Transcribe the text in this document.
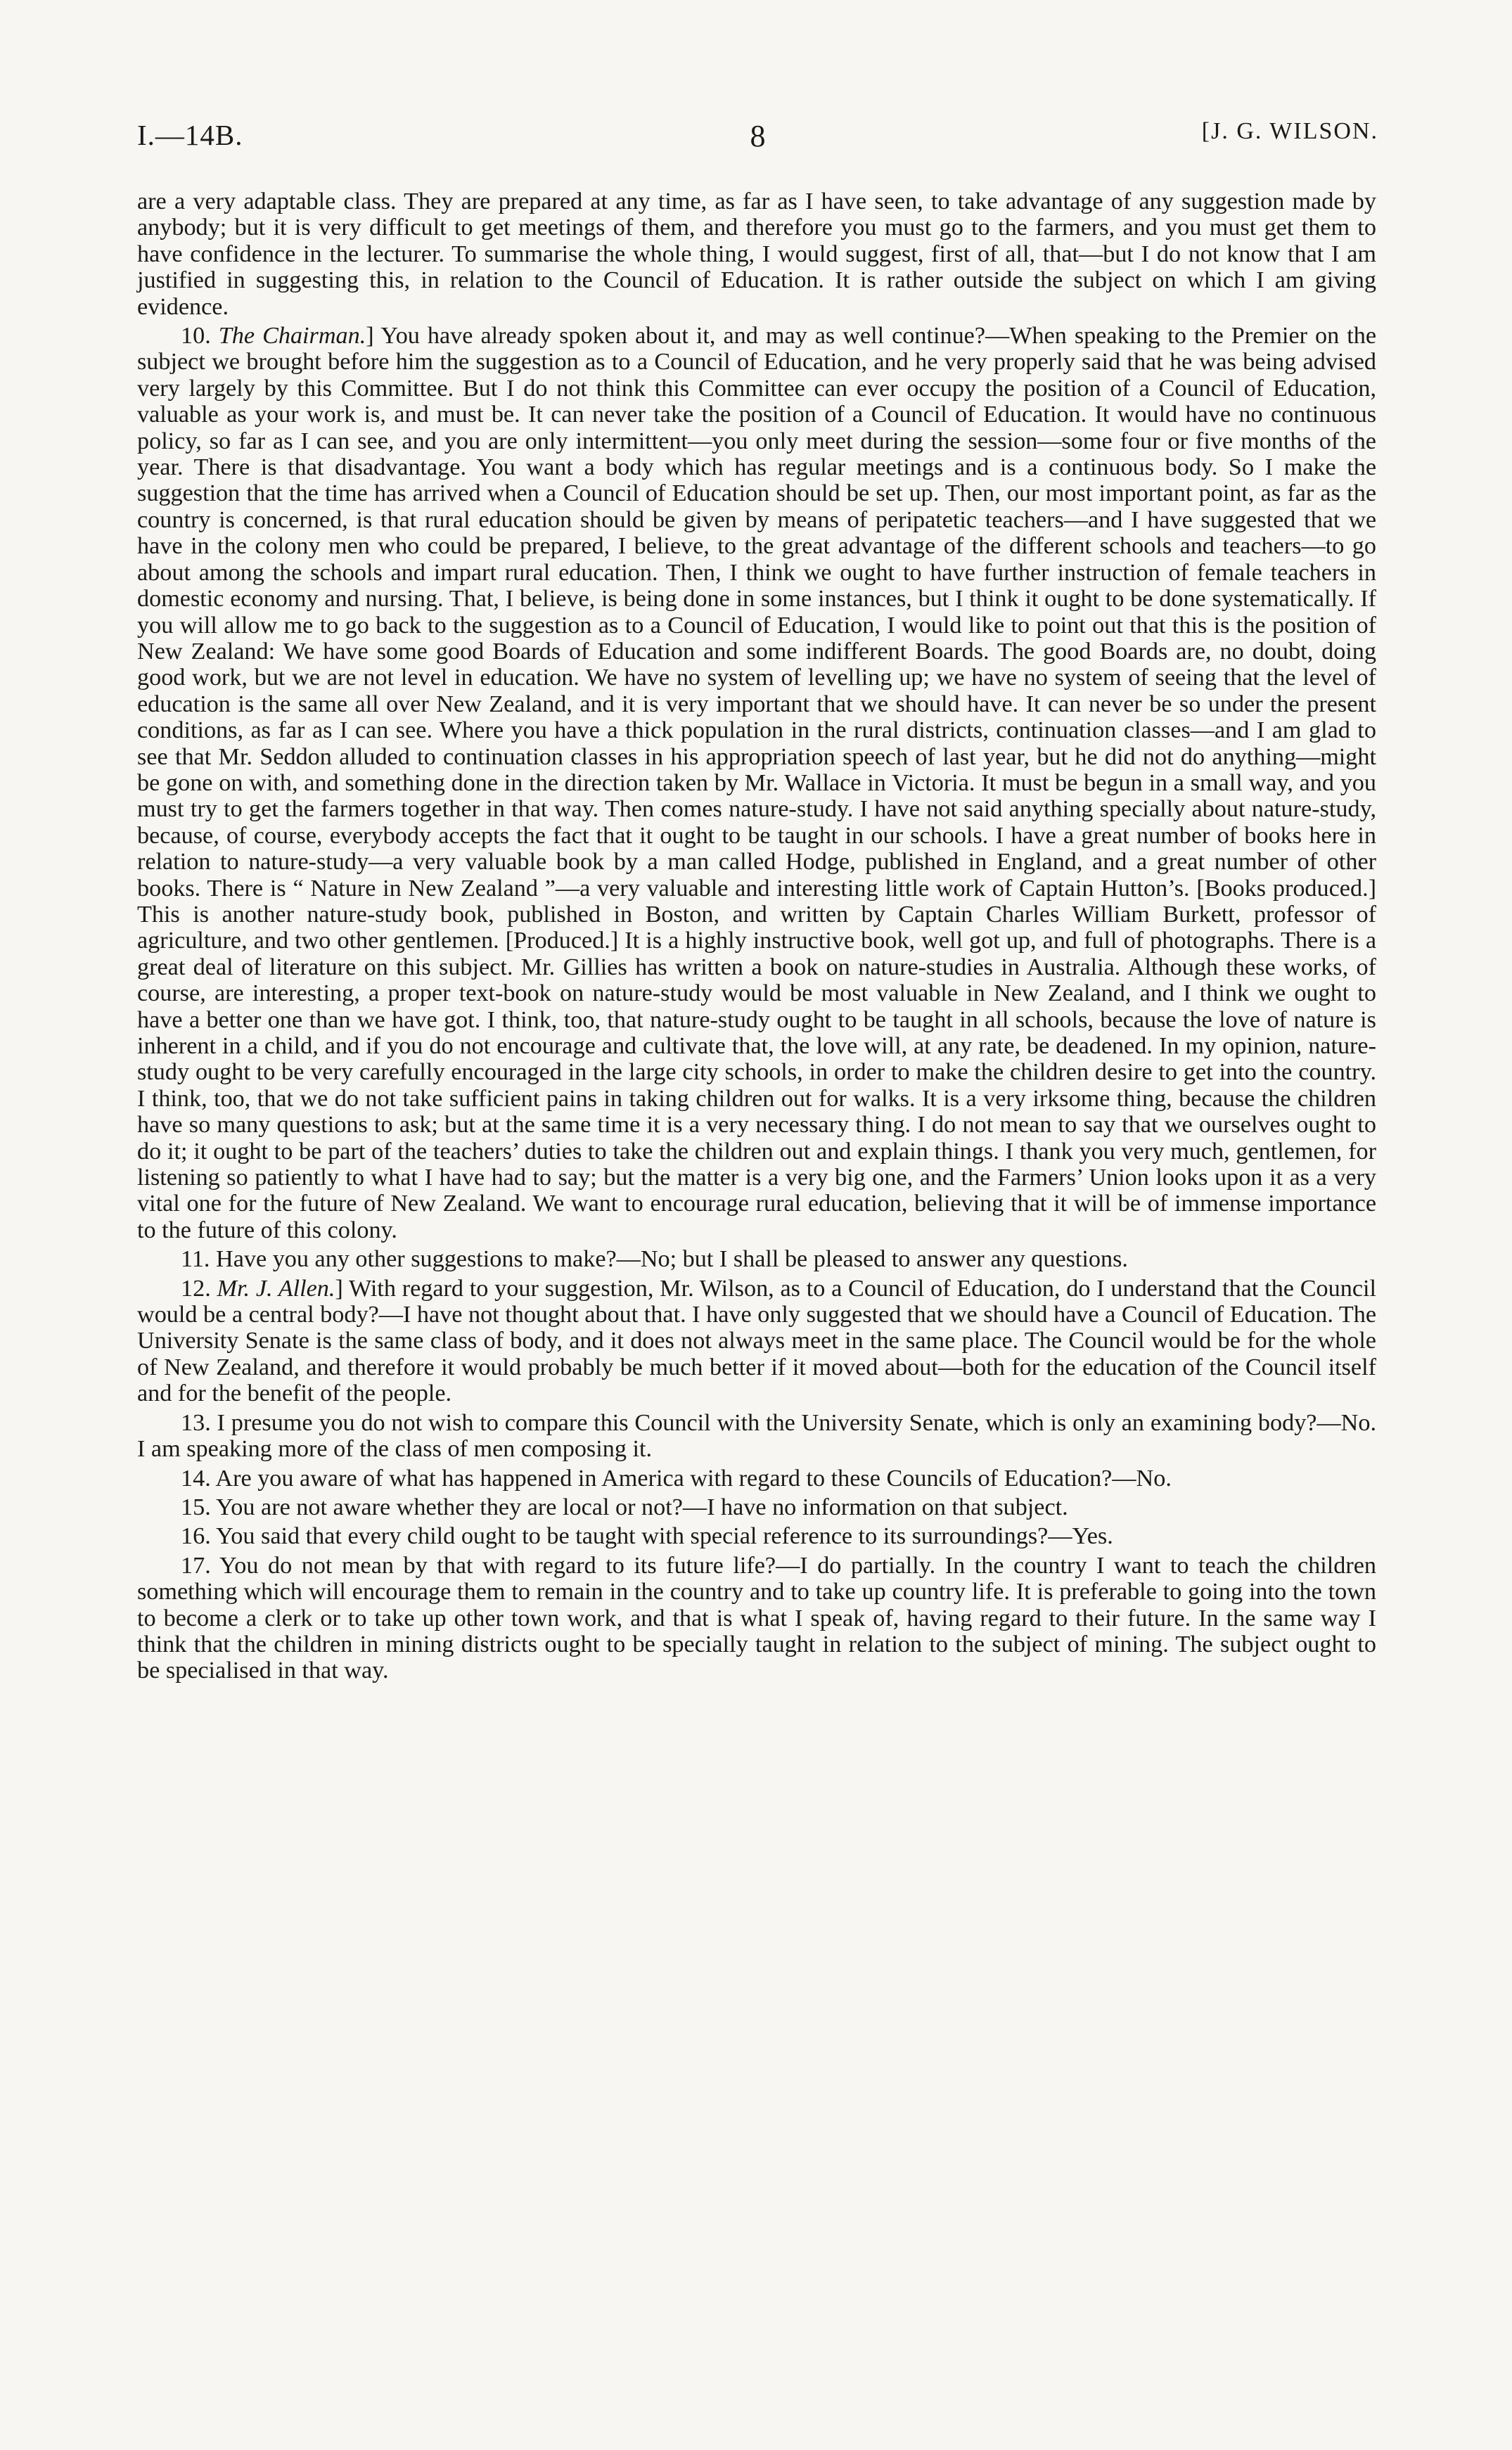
I.—14B.	8	[J. G. WILSON.

are a very adaptable class. They are prepared at any time, as far as I have seen, to take advantage of any suggestion made by anybody; but it is very difficult to get meetings of them, and therefore you must go to the farmers, and you must get them to have confidence in the lecturer. To summarise the whole thing, I would suggest, first of all, that—but I do not know that I am justified in suggesting this, in relation to the Council of Education. It is rather outside the subject on which I am giving evidence.

10. The Chairman.] You have already spoken about it, and may as well continue?—When speaking to the Premier on the subject we brought before him the suggestion as to a Council of Education, and he very properly said that he was being advised very largely by this Committee. But I do not think this Committee can ever occupy the position of a Council of Education, valuable as your work is, and must be. It can never take the position of a Council of Education. It would have no continuous policy, so far as I can see, and you are only intermittent—you only meet during the session—some four or five months of the year. There is that disadvantage. You want a body which has regular meetings and is a continuous body. So I make the suggestion that the time has arrived when a Council of Education should be set up. Then, our most important point, as far as the country is concerned, is that rural education should be given by means of peripatetic teachers—and I have suggested that we have in the colony men who could be prepared, I believe, to the great advantage of the different schools and teachers—to go about among the schools and impart rural education. Then, I think we ought to have further instruction of female teachers in domestic economy and nursing. That, I believe, is being done in some instances, but I think it ought to be done systematically. If you will allow me to go back to the suggestion as to a Council of Education, I would like to point out that this is the position of New Zealand: We have some good Boards of Education and some indifferent Boards. The good Boards are, no doubt, doing good work, but we are not level in education. We have no system of levelling up; we have no system of seeing that the level of education is the same all over New Zealand, and it is very important that we should have. It can never be so under the present conditions, as far as I can see. Where you have a thick population in the rural districts, continuation classes—and I am glad to see that Mr. Seddon alluded to continuation classes in his appropriation speech of last year, but he did not do anything—might be gone on with, and something done in the direction taken by Mr. Wallace in Victoria. It must be begun in a small way, and you must try to get the farmers together in that way. Then comes nature-study. I have not said anything specially about nature-study, because, of course, everybody accepts the fact that it ought to be taught in our schools. I have a great number of books here in relation to nature-study—a very valuable book by a man called Hodge, published in England, and a great number of other books. There is “ Nature in New Zealand ”—a very valuable and interesting little work of Captain Hutton’s. [Books produced.] This is another nature-study book, published in Boston, and written by Captain Charles William Burkett, professor of agriculture, and two other gentlemen. [Produced.] It is a highly instructive book, well got up, and full of photographs. There is a great deal of literature on this subject. Mr. Gillies has written a book on nature-studies in Australia. Although these works, of course, are interesting, a proper text-book on nature-study would be most valuable in New Zealand, and I think we ought to have a better one than we have got. I think, too, that nature-study ought to be taught in all schools, because the love of nature is inherent in a child, and if you do not encourage and cultivate that, the love will, at any rate, be deadened. In my opinion, nature-study ought to be very carefully encouraged in the large city schools, in order to make the children desire to get into the country. I think, too, that we do not take sufficient pains in taking children out for walks. It is a very irksome thing, because the children have so many questions to ask; but at the same time it is a very necessary thing. I do not mean to say that we ourselves ought to do it; it ought to be part of the teachers’ duties to take the children out and explain things. I thank you very much, gentlemen, for listening so patiently to what I have had to say; but the matter is a very big one, and the Farmers’ Union looks upon it as a very vital one for the future of New Zealand. We want to encourage rural education, believing that it will be of immense importance to the future of this colony.

11. Have you any other suggestions to make?—No; but I shall be pleased to answer any questions.

12. Mr. J. Allen.] With regard to your suggestion, Mr. Wilson, as to a Council of Education, do I understand that the Council would be a central body?—I have not thought about that. I have only suggested that we should have a Council of Education. The University Senate is the same class of body, and it does not always meet in the same place. The Council would be for the whole of New Zealand, and therefore it would probably be much better if it moved about—both for the education of the Council itself and for the benefit of the people.

13. I presume you do not wish to compare this Council with the University Senate, which is only an examining body?—No. I am speaking more of the class of men composing it.

14. Are you aware of what has happened in America with regard to these Councils of Education?—No.

15. You are not aware whether they are local or not?—I have no information on that subject.

16. You said that every child ought to be taught with special reference to its surroundings?—Yes.

17. You do not mean by that with regard to its future life?—I do partially. In the country I want to teach the children something which will encourage them to remain in the country and to take up country life. It is preferable to going into the town to become a clerk or to take up other town work, and that is what I speak of, having regard to their future. In the same way I think that the children in mining districts ought to be specially taught in relation to the subject of mining. The subject ought to be specialised in that way.
